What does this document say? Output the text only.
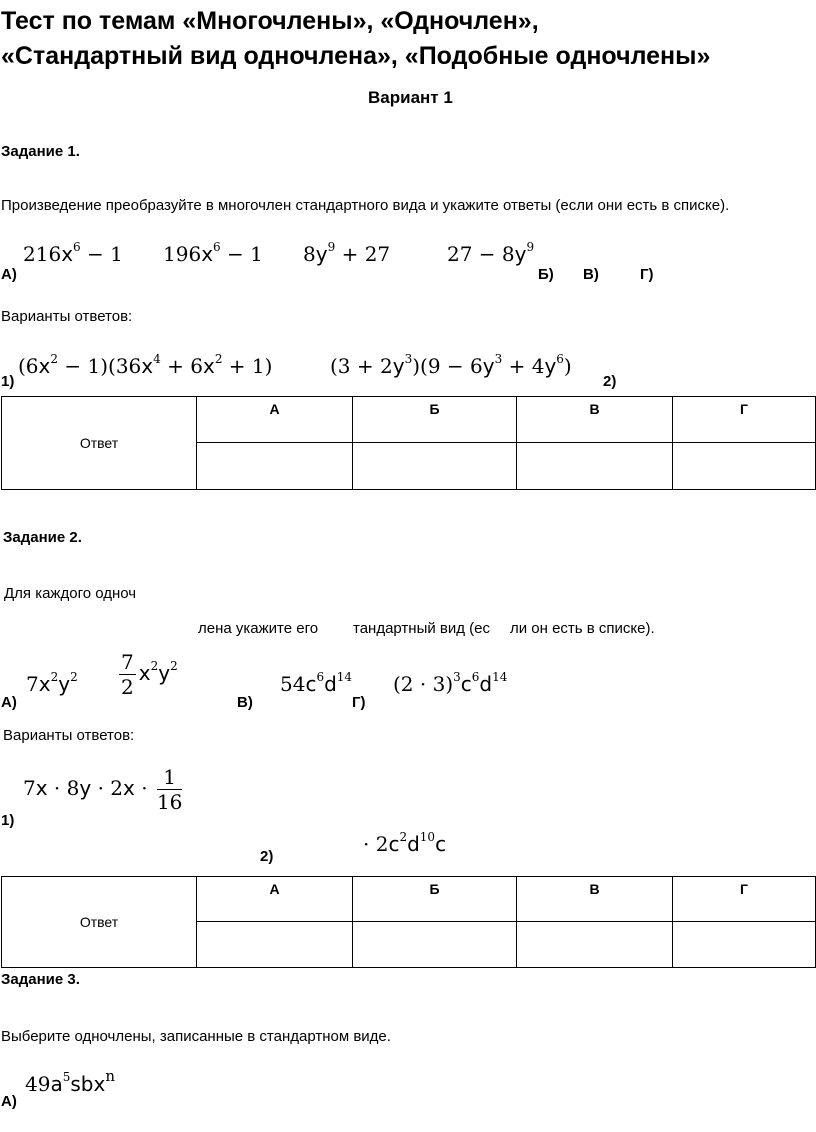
Тест по темам «Многочлены», «Одночлен»,
«Стандартный вид одночлена», «Подобные одночлены»
Вариант 1
Задание 1.
Произведение преобразуйте в многочлен стандартного вида и укажите ответы (если они есть в списке).
$216x^6 - 1$ $196x^6 - 1$ $8y^9 + 27$	$27 - 8y^9$
А)	Б) В)	Г)
Варианты ответов:
$(6x^2 - 1)(36x^4 + 6x^2 + 1)$	$(3 + 2y^3)(9 - 6y^3 + 4y^6)$
1)	2)
Ответ	А	Б	В	Г

Задание 2.
Для каждого одноч
лена укажите его тандартный вид (ес ли он есть в списке).
$7x^2y^2 \frac{7}{2} x^2y^2$
$54c^6d^{14}$ $(2 \cdot 3)^3c^6d^{14}$
А)	В)	Г)
Варианты ответов:
$7x \cdot 8y \cdot 2x \cdot \frac{1}{16}$
1)
· $2c^2d^{10}c$
2)
Ответ	А	Б	В	Г

Задание 3.
Выберите одночлены, записанные в стандартном виде.
$49a^5sbx^n$
А)
